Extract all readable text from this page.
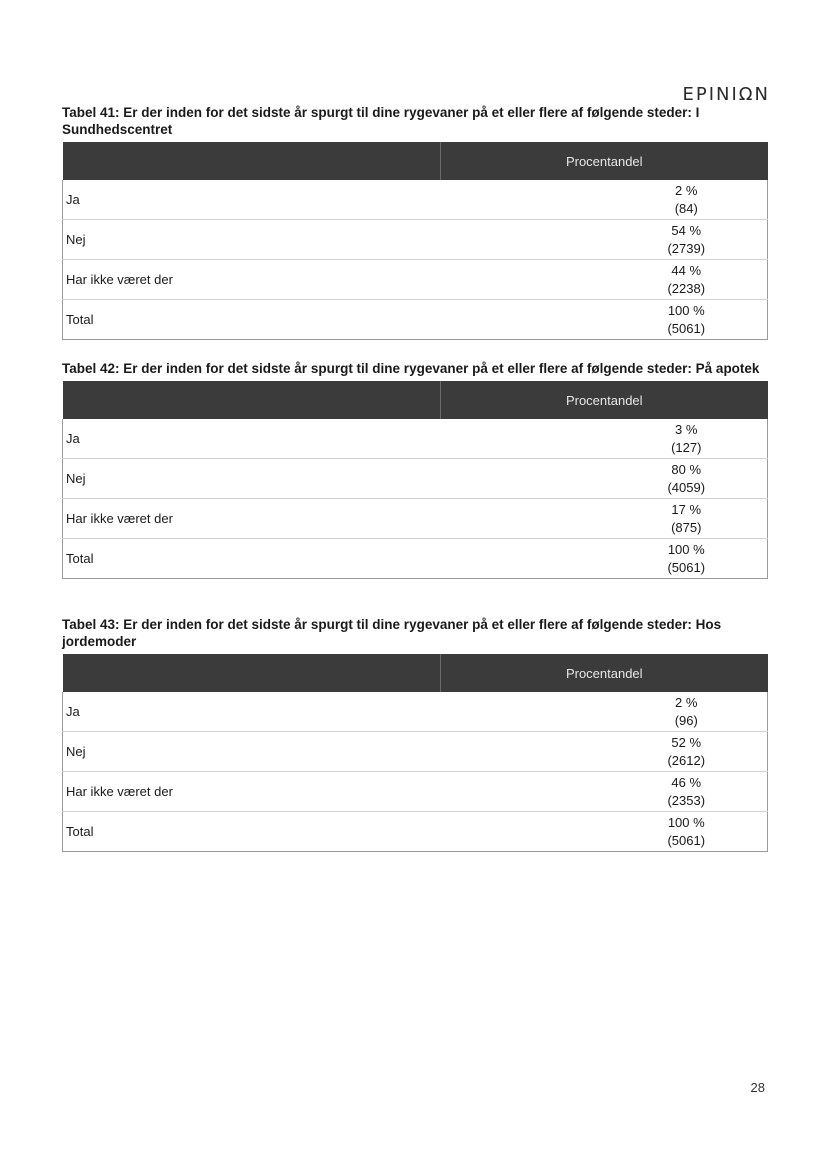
EPINIΩN
Tabel 41: Er der inden for det sidste år spurgt til dine rygevaner på et eller flere af følgende steder: I Sundhedscentret
	Procentandel
Ja	2 %
(84)

Nej	54 %
(2739)

Har ikke været der	44 %
(2238)

Total	100 %
(5061)
Tabel 42: Er der inden for det sidste år spurgt til dine rygevaner på et eller flere af følgende steder: På apotek
	Procentandel
Ja	3 %
(127)

Nej	80 %
(4059)

Har ikke været der	17 %
(875)

Total	100 %
(5061)
Tabel 43: Er der inden for det sidste år spurgt til dine rygevaner på et eller flere af følgende steder: Hos jordemoder
	Procentandel
Ja	2 %
(96)

Nej	52 %
(2612)

Har ikke været der	46 %
(2353)

Total	100 %
(5061)
28
